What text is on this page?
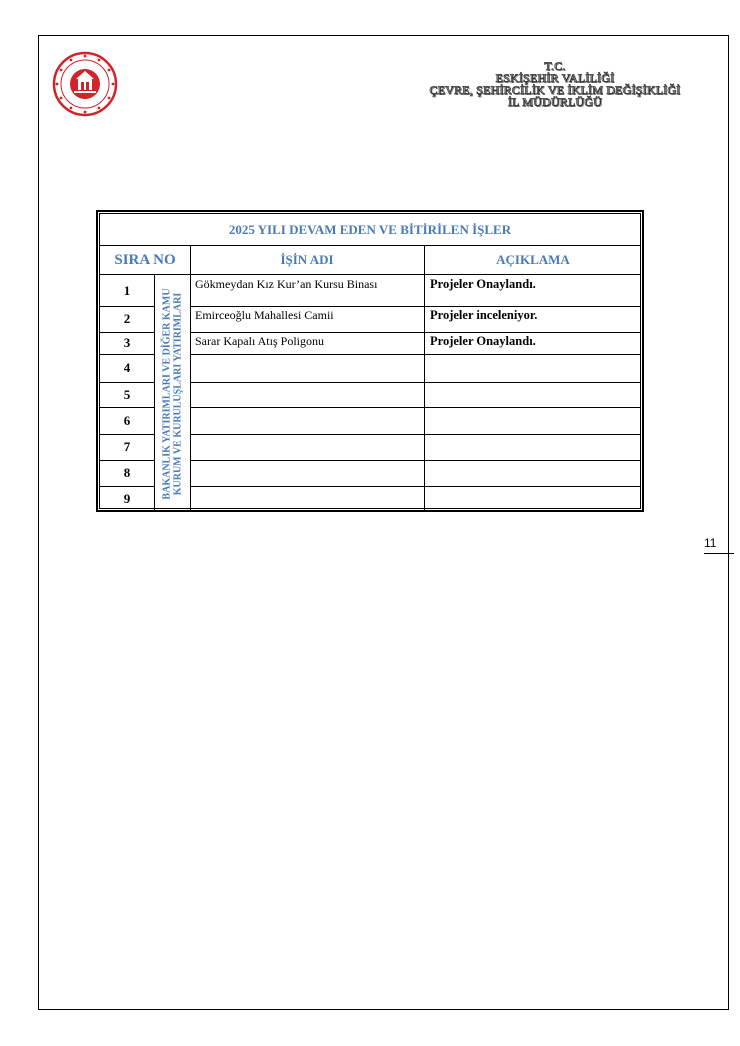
T.C.
ESKİŞEHİR VALİLİĞİ
ÇEVRE, ŞEHİRCİLİK VE İKLİM DEĞİŞİKLİĞİ
İL MÜDÜRLÜĞÜ
2025 YILI DEVAM EDEN VE BİTİRİLEN İŞLER
SIRA NO	İŞİN ADI	AÇIKLAMA
BAKANLIK YATIRIMLARI VE DİĞER KAMU KURUM VE KURULUŞLARI YATIRIMLARI
1	Gökmeydan Kız Kur’an Kursu Binası	Projeler Onaylandı.
2	Emirceoğlu Mahallesi Camii	Projeler inceleniyor.
3	Sarar Kapalı Atış Poligonu	Projeler Onaylandı.
4
5
6
7
8
9
11
